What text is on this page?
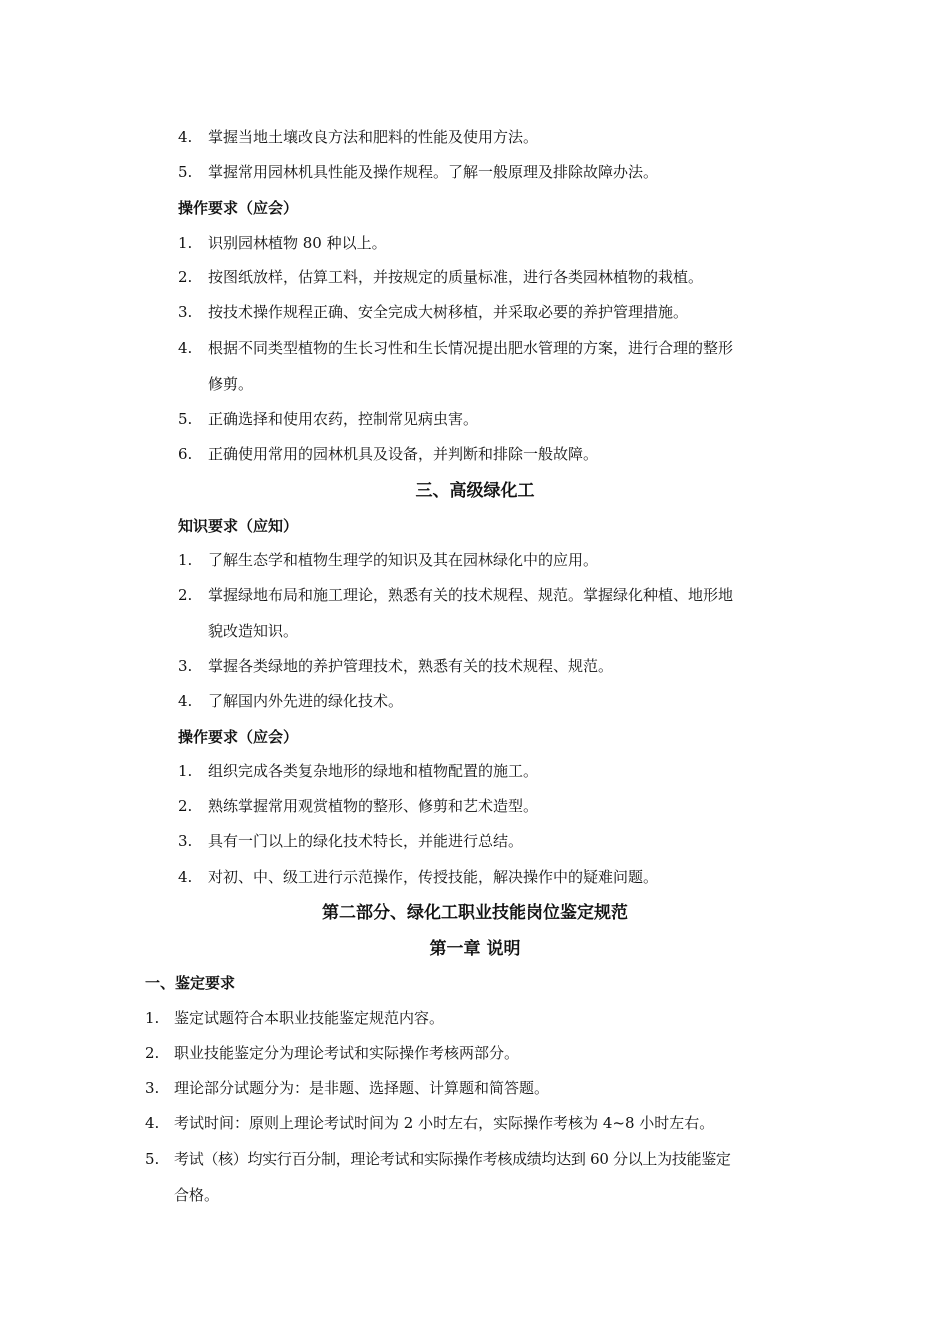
4. 掌握当地土壤改良方法和肥料的性能及使用方法。
5. 掌握常用园林机具性能及操作规程。了解一般原理及排除故障办法。
操作要求（应会）
1. 识别园林植物 80 种以上。
2. 按图纸放样，估算工料，并按规定的质量标准，进行各类园林植物的栽植。
3. 按技术操作规程正确、安全完成大树移植，并采取必要的养护管理措施。
4. 根据不同类型植物的生长习性和生长情况提出肥水管理的方案，进行合理的整形
修剪。
5. 正确选择和使用农药，控制常见病虫害。
6. 正确使用常用的园林机具及设备，并判断和排除一般故障。
三、高级绿化工
知识要求（应知）
1. 了解生态学和植物生理学的知识及其在园林绿化中的应用。
2. 掌握绿地布局和施工理论，熟悉有关的技术规程、规范。掌握绿化种植、地形地
貌改造知识。
3. 掌握各类绿地的养护管理技术，熟悉有关的技术规程、规范。
4. 了解国内外先进的绿化技术。
操作要求（应会）
1. 组织完成各类复杂地形的绿地和植物配置的施工。
2. 熟练掌握常用观赏植物的整形、修剪和艺术造型。
3. 具有一门以上的绿化技术特长，并能进行总结。
4. 对初、中、级工进行示范操作，传授技能，解决操作中的疑难问题。
第二部分、绿化工职业技能岗位鉴定规范
第一章 说明
一、鉴定要求
1. 鉴定试题符合本职业技能鉴定规范内容。
2. 职业技能鉴定分为理论考试和实际操作考核两部分。
3. 理论部分试题分为：是非题、选择题、计算题和简答题。
4. 考试时间：原则上理论考试时间为 2 小时左右，实际操作考核为 4~8 小时左右。
5. 考试（核）均实行百分制，理论考试和实际操作考核成绩均达到 60 分以上为技能鉴定
合格。
